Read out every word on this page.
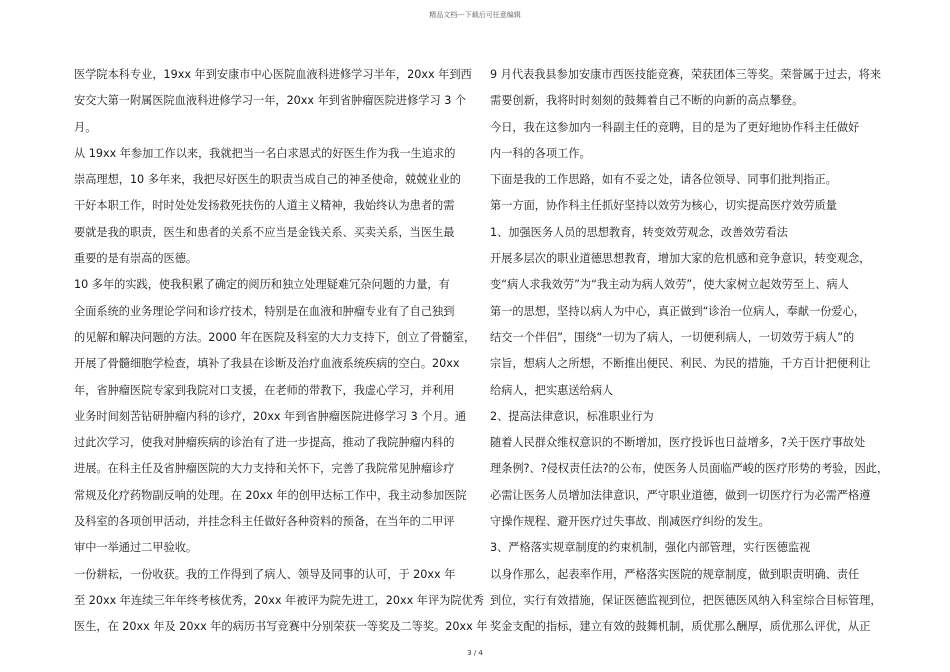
精品文档---下载后可任意编辑
医学院本科专业，19xx 年到安康市中心医院血液科进修学习半年，20xx 年到西
安交大第一附属医院血液科进修学习一年，20xx 年到省肿瘤医院进修学习 3 个
月。
从 19xx 年参加工作以来，我就把当一名白求恩式的好医生作为我一生追求的
崇高理想，10 多年来，我把尽好医生的职责当成自己的神圣使命，兢兢业业的
干好本职工作，时时处处发扬救死扶伤的人道主义精神，我始终认为患者的需
要就是我的职责，医生和患者的关系不应当是金钱关系、买卖关系，当医生最
重要的是有崇高的医德。
10 多年的实践，使我积累了确定的阅历和独立处理疑难冗杂问题的力量，有
全面系统的业务理论学问和诊疗技术，特别是在血液和肿瘤专业有了自己独到
的见解和解决问题的方法。2000 年在医院及科室的大力支持下，创立了骨髓室，
开展了骨髓细胞学检查，填补了我县在诊断及治疗血液系统疾病的空白。20xx
年，省肿瘤医院专家到我院对口支援，在老师的带教下，我虚心学习，并利用
业务时间刻苦钻研肿瘤内科的诊疗，20xx 年到省肿瘤医院进修学习 3 个月。通
过此次学习，使我对肿瘤疾病的诊治有了进一步提高，推动了我院肿瘤内科的
进展。在科主任及省肿瘤医院的大力支持和关怀下，完善了我院常见肿瘤诊疗
常规及化疗药物副反响的处理。在 20xx 年的创甲达标工作中，我主动参加医院
及科室的各项创甲活动，并挂念科主任做好各种资料的预备，在当年的二甲评
审中一举通过二甲验收。
一份耕耘，一份收获。我的工作得到了病人、领导及同事的认可，于 20xx 年
至 20xx 年连续三年年终考核优秀，20xx 年被评为院先进工，20xx 年评为院优秀
医生，在 20xx 年及 20xx 年的病历书写竞赛中分别荣获一等奖及二等奖。20xx 年
9 月代表我县参加安康市西医技能竞赛，荣获团体三等奖。荣誉属于过去，将来
需要创新，我将时时刻刻的鼓舞着自己不断的向新的高点攀登。
今日，我在这参加内一科副主任的竞聘，目的是为了更好地协作科主任做好
内一科的各项工作。
下面是我的工作思路，如有不妥之处，请各位领导、同事们批判指正。
第一方面，协作科主任抓好坚持以效劳为核心，切实提高医疗效劳质量
1、加强医务人员的思想教育，转变效劳观念，改善效劳看法
开展多层次的职业道德思想教育，增加大家的危机感和竞争意识，转变观念，
变“病人求我效劳”为“我主动为病人效劳”，使大家树立起效劳至上、病人
第一的思想，坚持以病人为中心，真正做到“诊治一位病人，奉献一份爱心，
结交一个伴侣”，围绕“一切为了病人，一切便利病人，一切效劳于病人”的
宗旨，想病人之所想，不断推出便民、利民、为民的措施，千方百计把便利让
给病人，把实惠送给病人
2、提高法律意识，标准职业行为
随着人民群众维权意识的不断增加，医疗投诉也日益增多，?关于医疗事故处
理条例?、?侵权责任法?的公布，使医务人员面临严峻的医疗形势的考验，因此，
必需让医务人员增加法律意识，严守职业道德，做到一切医疗行为必需严格遵
守操作规程、避开医疗过失事故、削减医疗纠纷的发生。
3、严格落实规章制度的约束机制，强化内部管理，实行医德监视
以身作那么，起表率作用，严格落实医院的规章制度，做到职责明确、责任
到位，实行有效措施，保证医德监视到位，把医德医风纳入科室综合目标管理，
奖金支配的指标，建立有效的鼓舞机制，质优那么酬厚，质优那么评优，从正
3 / 4
